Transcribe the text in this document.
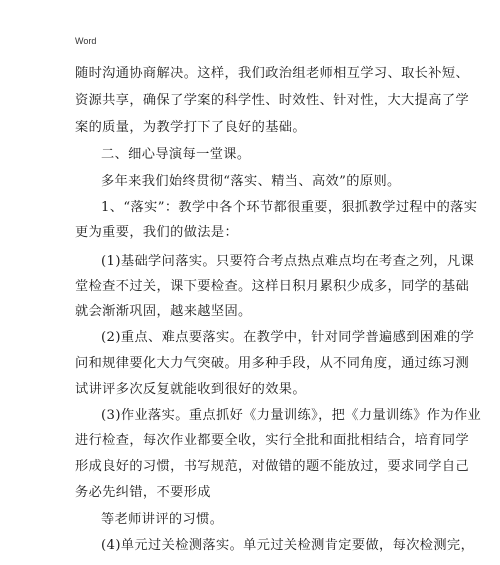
Word
随时沟通协商解决。这样，我们政治组老师相互学习、取长补短、
资源共享，确保了学案的科学性、时效性、针对性，大大提高了学
案的质量，为教学打下了良好的基础。
二、细心导演每一堂课。
多年来我们始终贯彻“落实、精当、高效”的原则。
1、“落实”：教学中各个环节都很重要，狠抓教学过程中的落实
更为重要，我们的做法是：
(1)基础学问落实。只要符合考点热点难点均在考查之列，凡课
堂检查不过关，课下要检查。这样日积月累积少成多，同学的基础
就会渐渐巩固，越来越坚固。
(2)重点、难点要落实。在教学中，针对同学普遍感到困难的学
问和规律要化大力气突破。用多种手段，从不同角度，通过练习测
试讲评多次反复就能收到很好的效果。
(3)作业落实。重点抓好《力量训练》，把《力量训练》作为作业
进行检查，每次作业都要全收，实行全批和面批相结合，培育同学
形成良好的习惯，书写规范，对做错的题不能放过，要求同学自己
务必先纠错，不要形成
等老师讲评的习惯。
(4)单元过关检测落实。单元过关检测肯定要做，每次检测完，
